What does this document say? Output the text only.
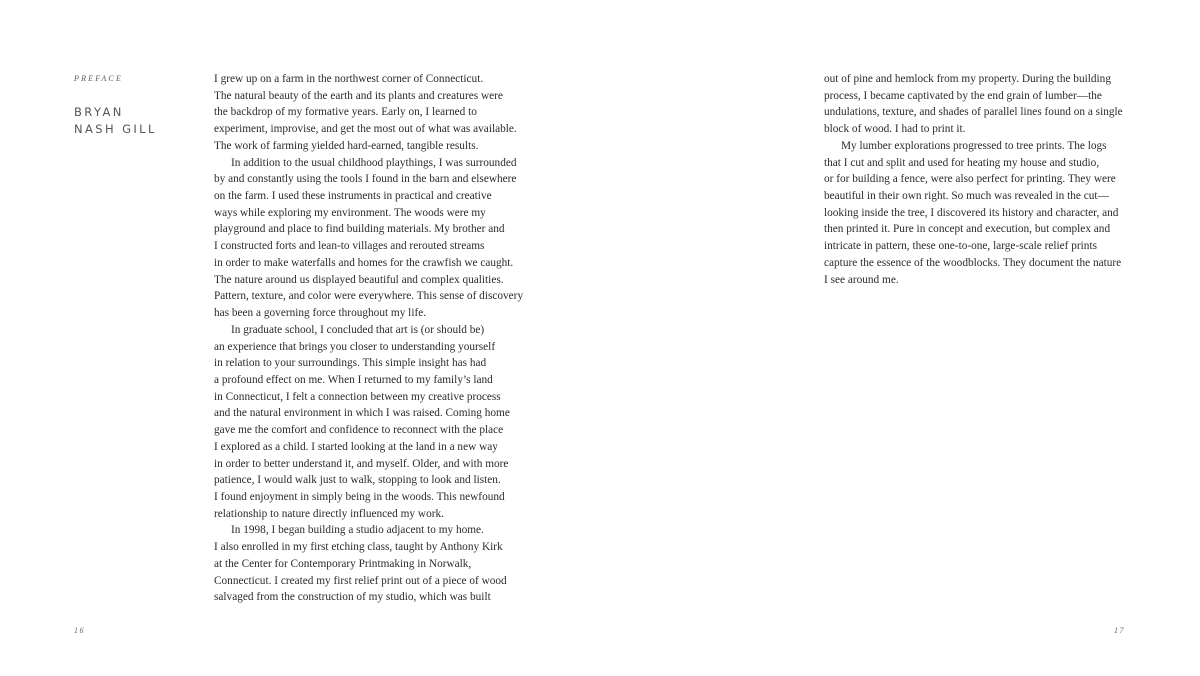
PREFACE
BRYAN
NASH GILL
I grew up on a farm in the northwest corner of Connecticut.
The natural beauty of the earth and its plants and creatures were
the backdrop of my formative years. Early on, I learned to
experiment, improvise, and get the most out of what was available.
The work of farming yielded hard-earned, tangible results.
In addition to the usual childhood playthings, I was surrounded
by and constantly using the tools I found in the barn and elsewhere
on the farm. I used these instruments in practical and creative
ways while exploring my environment. The woods were my
playground and place to find building materials. My brother and
I constructed forts and lean-to villages and rerouted streams
in order to make waterfalls and homes for the crawfish we caught.
The nature around us displayed beautiful and complex qualities.
Pattern, texture, and color were everywhere. This sense of discovery
has been a governing force throughout my life.
In graduate school, I concluded that art is (or should be)
an experience that brings you closer to understanding yourself
in relation to your surroundings. This simple insight has had
a profound effect on me. When I returned to my family’s land
in Connecticut, I felt a connection between my creative process
and the natural environment in which I was raised. Coming home
gave me the comfort and confidence to reconnect with the place
I explored as a child. I started looking at the land in a new way
in order to better understand it, and myself. Older, and with more
patience, I would walk just to walk, stopping to look and listen.
I found enjoyment in simply being in the woods. This newfound
relationship to nature directly influenced my work.
In 1998, I began building a studio adjacent to my home.
I also enrolled in my first etching class, taught by Anthony Kirk
at the Center for Contemporary Printmaking in Norwalk,
Connecticut. I created my first relief print out of a piece of wood
salvaged from the construction of my studio, which was built
out of pine and hemlock from my property. During the building
process, I became captivated by the end grain of lumber—the
undulations, texture, and shades of parallel lines found on a single
block of wood. I had to print it.
My lumber explorations progressed to tree prints. The logs
that I cut and split and used for heating my house and studio,
or for building a fence, were also perfect for printing. They were
beautiful in their own right. So much was revealed in the cut—
looking inside the tree, I discovered its history and character, and
then printed it. Pure in concept and execution, but complex and
intricate in pattern, these one-to-one, large-scale relief prints
capture the essence of the woodblocks. They document the nature
I see around me.
16	17
